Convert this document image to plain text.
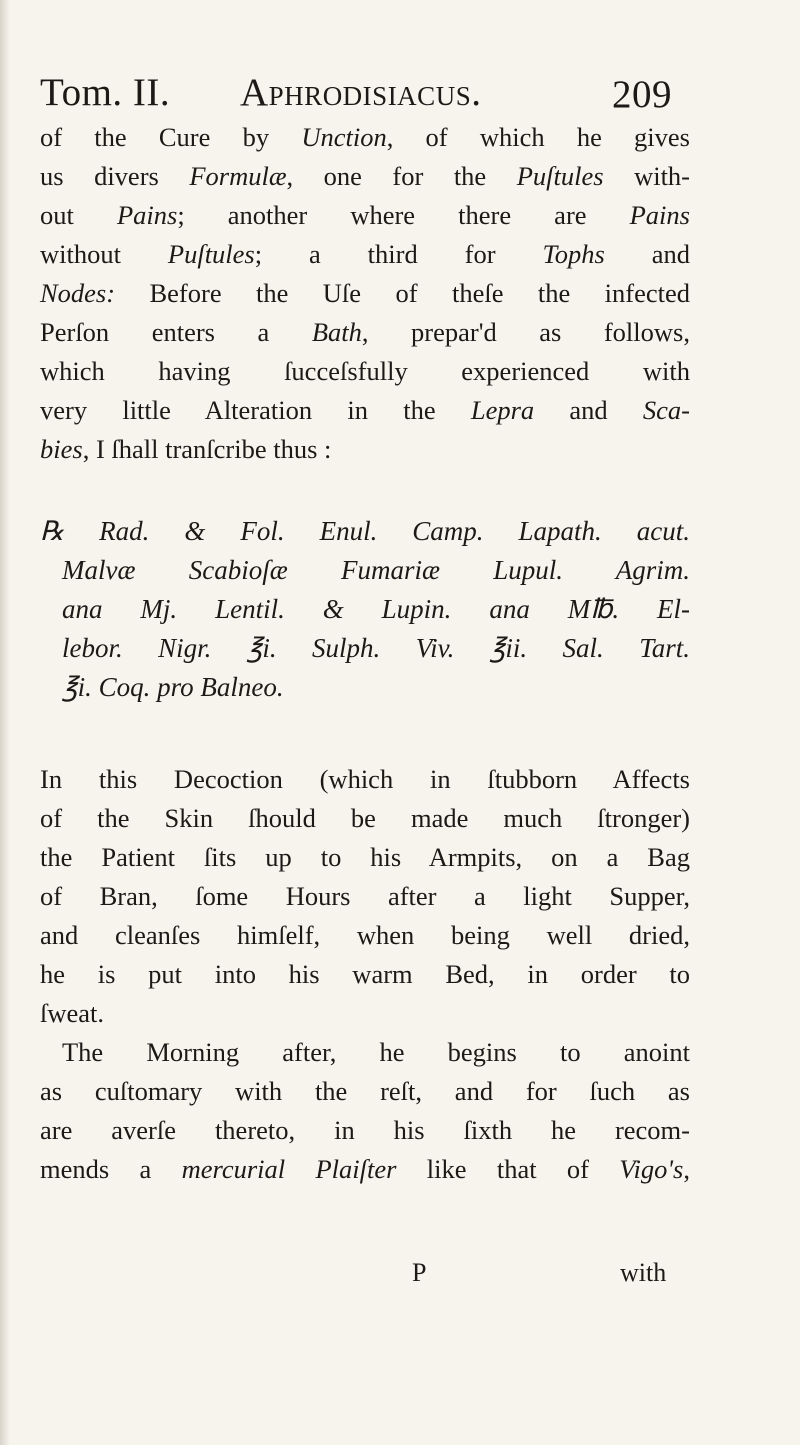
Tom. II. Aphrodisiacus.	209
of the Cure by Unction, of which he gives
us divers Formulæ, one for the Puſtules with-
out Pains; another where there are Pains
without Puſtules; a third for Tophs and
Nodes: Before the Uſe of theſe the infected
Perſon enters a Bath, prepar'd as follows,
which having ſucceſsfully experienced with
very little Alteration in the Lepra and Sca-
bies, I ſhall tranſcribe thus :
℞ Rad. & Fol. Enul. Camp. Lapath. acut.
Malvæ Scabioſæ Fumariæ Lupul. Agrim.
ana Mj. Lentil. & Lupin. ana M℔. El-
lebor. Nigr. ℥i. Sulph. Viv. ℥ii. Sal. Tart.
℥i. Coq. pro Balneo.
In this Decoction (which in ſtubborn Affects
of the Skin ſhould be made much ſtronger)
the Patient ſits up to his Armpits, on a Bag
of Bran, ſome Hours after a light Supper,
and cleanſes himſelf, when being well dried,
he is put into his warm Bed, in order to
ſweat.
The Morning after, he begins to anoint
as cuſtomary with the reſt, and for ſuch as
are averſe thereto, in his ſixth he recom-
mends a mercurial Plaiſter like that of Vigo's,
P	with
